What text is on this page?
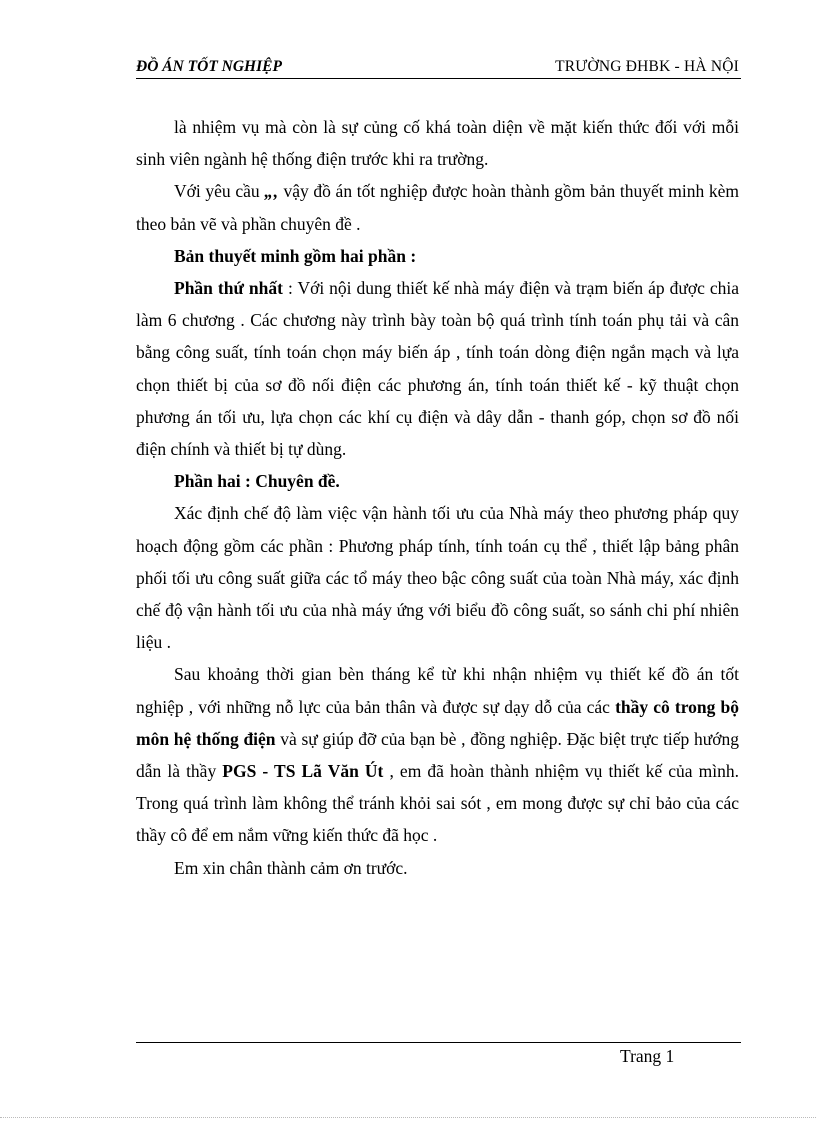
ĐỒ ÁN TỐT NGHIỆP	TRƯỜNG ĐHBK - HÀ NỘI

là nhiệm vụ mà còn là sự củng cố khá toàn diện về mặt kiến thức đối với mỗi sinh viên ngành hệ thống điện trước khi ra trường.

Với yêu cầu „‚ vậy đồ án tốt nghiệp được hoàn thành gồm bản thuyết minh kèm theo bản vẽ và phần chuyên đề .

Bản thuyết minh gồm hai phần :

Phần thứ nhất : Với nội dung thiết kế nhà máy điện và trạm biến áp được chia làm 6 chương . Các chương này trình bày toàn bộ quá trình tính toán phụ tải và cân bằng công suất, tính toán chọn máy biến áp , tính toán dòng điện ngắn mạch và lựa chọn thiết bị của sơ đồ nối điện các phương án, tính toán thiết kế - kỹ thuật chọn phương án tối ưu, lựa chọn các khí cụ điện và dây dẫn - thanh góp, chọn sơ đồ nối điện chính và thiết bị tự dùng.

Phần hai : Chuyên đề.

Xác định chế độ làm việc vận hành tối ưu của Nhà máy theo phương pháp quy hoạch động gồm các phần : Phương pháp tính, tính toán cụ thể , thiết lập bảng phân phối tối ưu công suất giữa các tổ máy theo bậc công suất của toàn Nhà máy, xác định chế độ vận hành tối ưu của nhà máy ứng với biểu đồ công suất, so sánh chi phí nhiên liệu .

Sau khoảng thời gian bèn tháng kể từ khi nhận nhiệm vụ thiết kế đồ án tốt nghiệp , với những nỗ lực của bản thân và được sự dạy dỗ của các thầy cô trong bộ môn hệ thống điện và sự giúp đỡ của bạn bè , đồng nghiệp. Đặc biệt trực tiếp hướng dẫn là thầy PGS - TS Lã Văn Út , em đã hoàn thành nhiệm vụ thiết kế của mình. Trong quá trình làm không thể tránh khỏi sai sót , em mong được sự chỉ bảo của các thầy cô để em nắm vững kiến thức đã học .

Em xin chân thành cảm ơn trước.

Trang 1
